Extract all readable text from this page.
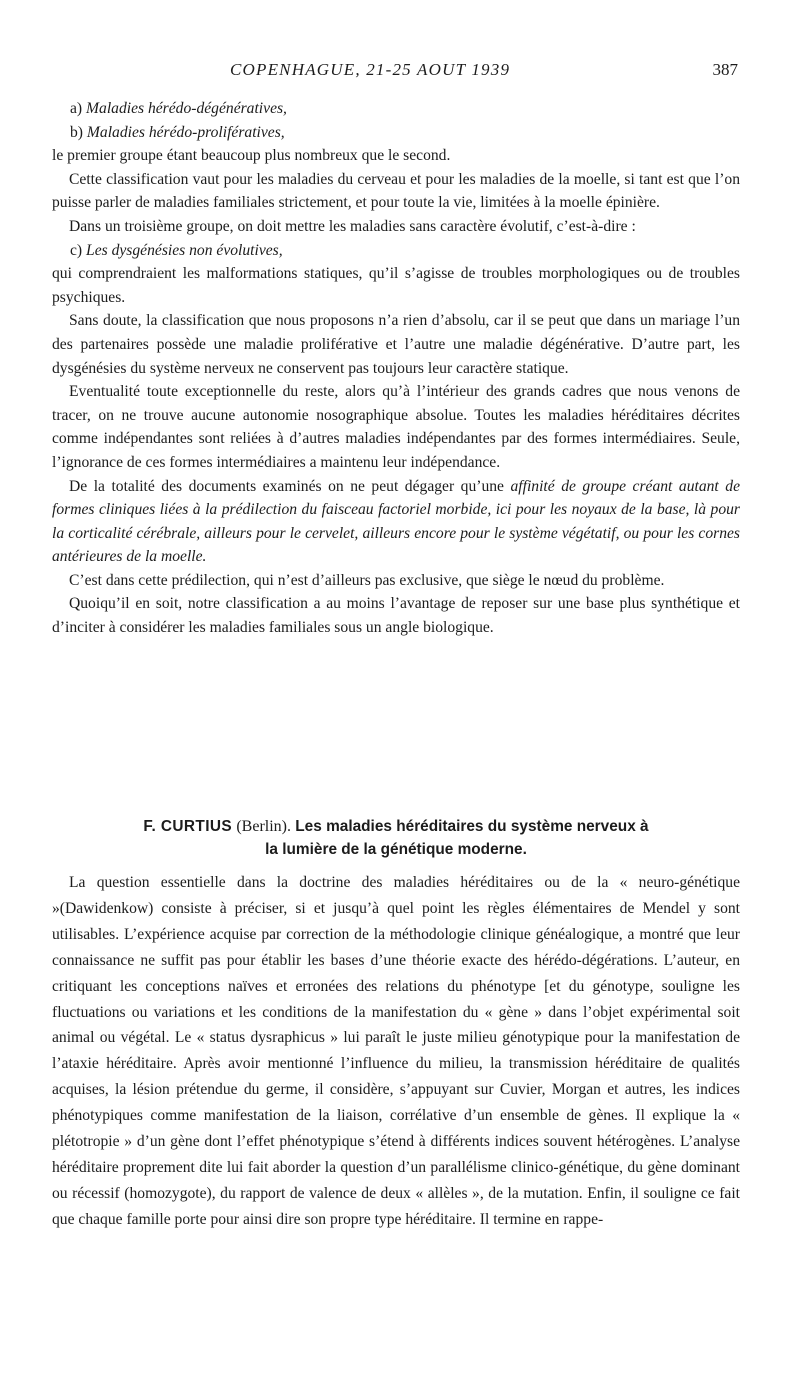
COPENHAGUE, 21-25 AOUT 1939	387

a) Maladies hérédo-dégénératives,

b) Maladies hérédo-prolifératives,

le premier groupe étant beaucoup plus nombreux que le second.

Cette classification vaut pour les maladies du cerveau et pour les maladies de la moelle, si tant est que l’on puisse parler de maladies familiales strictement, et pour toute la vie, limitées à la moelle épinière.

Dans un troisième groupe, on doit mettre les maladies sans caractère évolutif, c’est-à-dire :

c) Les dysgénésies non évolutives,

qui comprendraient les malformations statiques, qu’il s’agisse de troubles morphologiques ou de troubles psychiques.

Sans doute, la classification que nous proposons n’a rien d’absolu, car il se peut que dans un mariage l’un des partenaires possède une maladie proliférative et l’autre une maladie dégénérative. D’autre part, les dysgénésies du système nerveux ne conservent pas toujours leur caractère statique.

Eventualité toute exceptionnelle du reste, alors qu’à l’intérieur des grands cadres que nous venons de tracer, on ne trouve aucune autonomie nosographique absolue. Toutes les maladies héréditaires décrites comme indépendantes sont reliées à d’autres maladies indépendantes par des formes intermédiaires. Seule, l’ignorance de ces formes intermédiaires a maintenu leur indépendance.

De la totalité des documents examinés on ne peut dégager qu’une affinité de groupe créant autant de formes cliniques liées à la prédilection du faisceau factoriel morbide, ici pour les noyaux de la base, là pour la corticalité cérébrale, ailleurs pour le cervelet, ailleurs encore pour le système végétatif, ou pour les cornes antérieures de la moelle.

C’est dans cette prédilection, qui n’est d’ailleurs pas exclusive, que siège le nœud du problème.

Quoiqu’il en soit, notre classification a au moins l’avantage de reposer sur une base plus synthétique et d’inciter à considérer les maladies familiales sous un angle biologique.

F. CURTIUS (Berlin). Les maladies héréditaires du système nerveux à
la lumière de la génétique moderne.

La question essentielle dans la doctrine des maladies héréditaires ou de la « neuro-génétique »(Dawidenkow) consiste à préciser, si et jusqu’à quel point les règles élémentaires de Mendel y sont utilisables. L’expérience acquise par correction de la méthodologie clinique généalogique, a montré que leur connaissance ne suffit pas pour établir les bases d’une théorie exacte des hérédo-dégérations. L’auteur, en critiquant les conceptions naïves et erronées des relations du phénotype [et du génotype, souligne les fluctuations ou variations et les conditions de la manifestation du « gène » dans l’objet expérimental soit animal ou végétal. Le « status dysraphicus » lui paraît le juste milieu génotypique pour la manifestation de l’ataxie héréditaire. Après avoir mentionné l’influence du milieu, la transmission héréditaire de qualités acquises, la lésion prétendue du germe, il considère, s’appuyant sur Cuvier, Morgan et autres, les indices phénotypiques comme manifestation de la liaison, corrélative d’un ensemble de gènes. Il explique la « plétotropie » d’un gène dont l’effet phénotypique s’étend à différents indices souvent hétérogènes. L’analyse héréditaire proprement dite lui fait aborder la question d’un parallélisme clinico-génétique, du gène dominant ou récessif (homozygote), du rapport de valence de deux « allèles », de la mutation. Enfin, il souligne ce fait que chaque famille porte pour ainsi dire son propre type héréditaire. Il termine en rappe-
